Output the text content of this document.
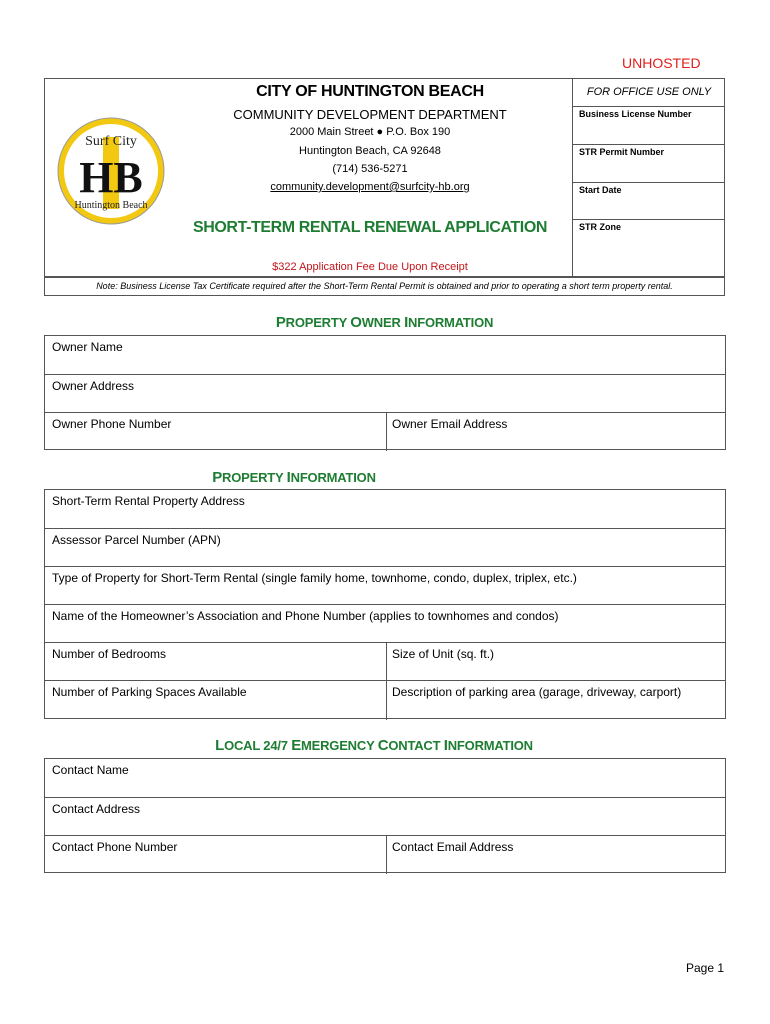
UNHOSTED
Surf City
HB
Huntington Beach
CITY OF HUNTINGTON BEACH
COMMUNITY DEVELOPMENT DEPARTMENT
2000 Main Street ● P.O. Box 190
Huntington Beach, CA 92648
(714) 536-5271
community.development@surfcity-hb.org
SHORT-TERM RENTAL RENEWAL APPLICATION
$322 Application Fee Due Upon Receipt
FOR OFFICE USE ONLY
Business License Number
STR Permit Number
Start Date
STR Zone
Note: Business License Tax Certificate required after the Short-Term Rental Permit is obtained and prior to operating a short term property rental.
PROPERTY OWNER INFORMATION
Owner Name
Owner Address
Owner Phone Number	Owner Email Address
PROPERTY INFORMATION
Short-Term Rental Property Address
Assessor Parcel Number (APN)
Type of Property for Short-Term Rental (single family home, townhome, condo, duplex, triplex, etc.)
Name of the Homeowner’s Association and Phone Number (applies to townhomes and condos)
Number of Bedrooms	Size of Unit (sq. ft.)
Number of Parking Spaces Available	Description of parking area (garage, driveway, carport)
LOCAL 24/7 EMERGENCY CONTACT INFORMATION
Contact Name
Contact Address
Contact Phone Number	Contact Email Address
Page 1
